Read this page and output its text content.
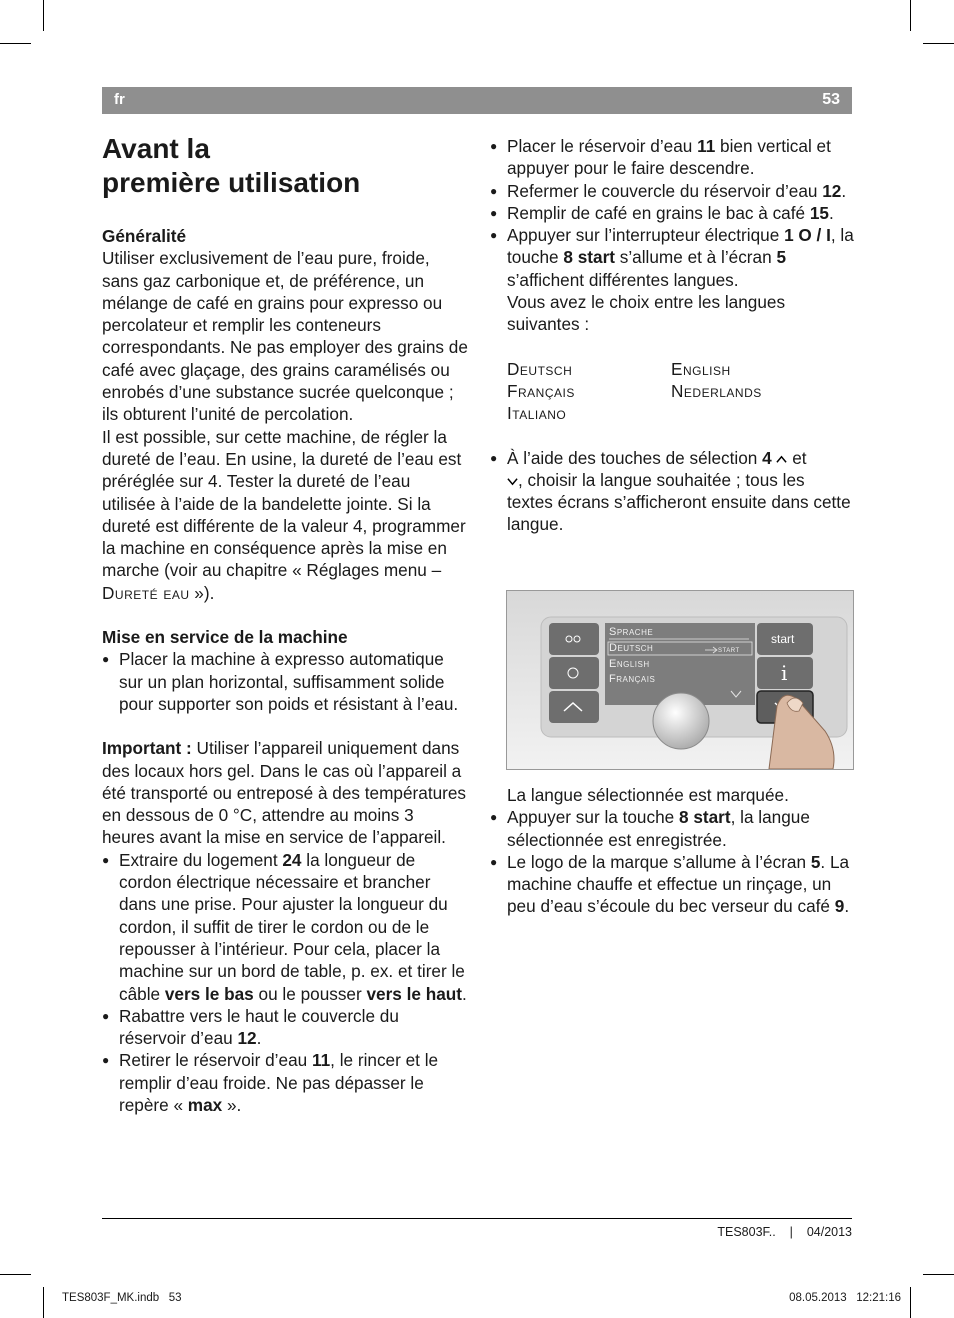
fr	53
Avant la
première utilisation
Généralité
Utiliser exclusivement de l’eau pure, froide, sans gaz carbonique et, de préférence, un mélange de café en grains pour expresso ou percolateur et remplir les conteneurs correspondants. Ne pas employer des grains de café avec glaçage, des grains caramélisés ou enrobés d’une substance sucrée quelconque ; ils obturent l’unité de percolation.
Il est possible, sur cette machine, de régler la dureté de l’eau. En usine, la dureté de l’eau est préréglée sur 4. Tester la dureté de l’eau utilisée à l’aide de la bandelette jointe. Si la dureté est différente de la valeur 4, programmer la machine en conséquence après la mise en marche (voir au chapitre « Réglages menu – Dureté eau »).
Mise en service de la machine
● Placer la machine à expresso automatique sur un plan horizontal, suffisamment solide pour supporter son poids et résistant à l’eau.
Important : Utiliser l’appareil uniquement dans des locaux hors gel. Dans le cas où l’appareil a été transporté ou entreposé à des températures en dessous de 0 °C, attendre au moins 3 heures avant la mise en service de l’appareil.
● Extraire du logement 24 la longueur de cordon électrique nécessaire et brancher dans une prise. Pour ajuster la longueur du cordon, il suffit de tirer le cordon ou de le repousser à l’intérieur. Pour cela, placer la machine sur un bord de table, p. ex. et tirer le câble vers le bas ou le pousser vers le haut.
● Rabattre vers le haut le couvercle du réservoir d’eau 12.
● Retirer le réservoir d’eau 11, le rincer et le remplir d’eau froide. Ne pas dépasser le repère « max ».
● Placer le réservoir d’eau 11 bien vertical et appuyer pour le faire descendre.
● Refermer le couvercle du réservoir d’eau 12.
● Remplir de café en grains le bac à café 15.
● Appuyer sur l’interrupteur électrique 1 O / I, la touche 8 start s’allume et à l’écran 5 s’affichent différentes langues.
Vous avez le choix entre les langues suivantes :
Deutsch	English
Français	Nederlands
Italiano
● À l’aide des touches de sélection 4  et
, choisir la langue souhaitée ; tous les textes écrans s’afficheront ensuite dans cette langue.
Sprache
Deutsch	start
English
Français
start
i
La langue sélectionnée est marquée.
● Appuyer sur la touche 8 start, la langue sélectionnée est enregistrée.
● Le logo de la marque s’allume à l’écran 5. La machine chauffe et effectue un rinçage, un peu d’eau s’écoule du bec verseur du café 9.
TES803F.. | 04/2013
TES803F_MK.indb   53	08.05.2013   12:21:16
